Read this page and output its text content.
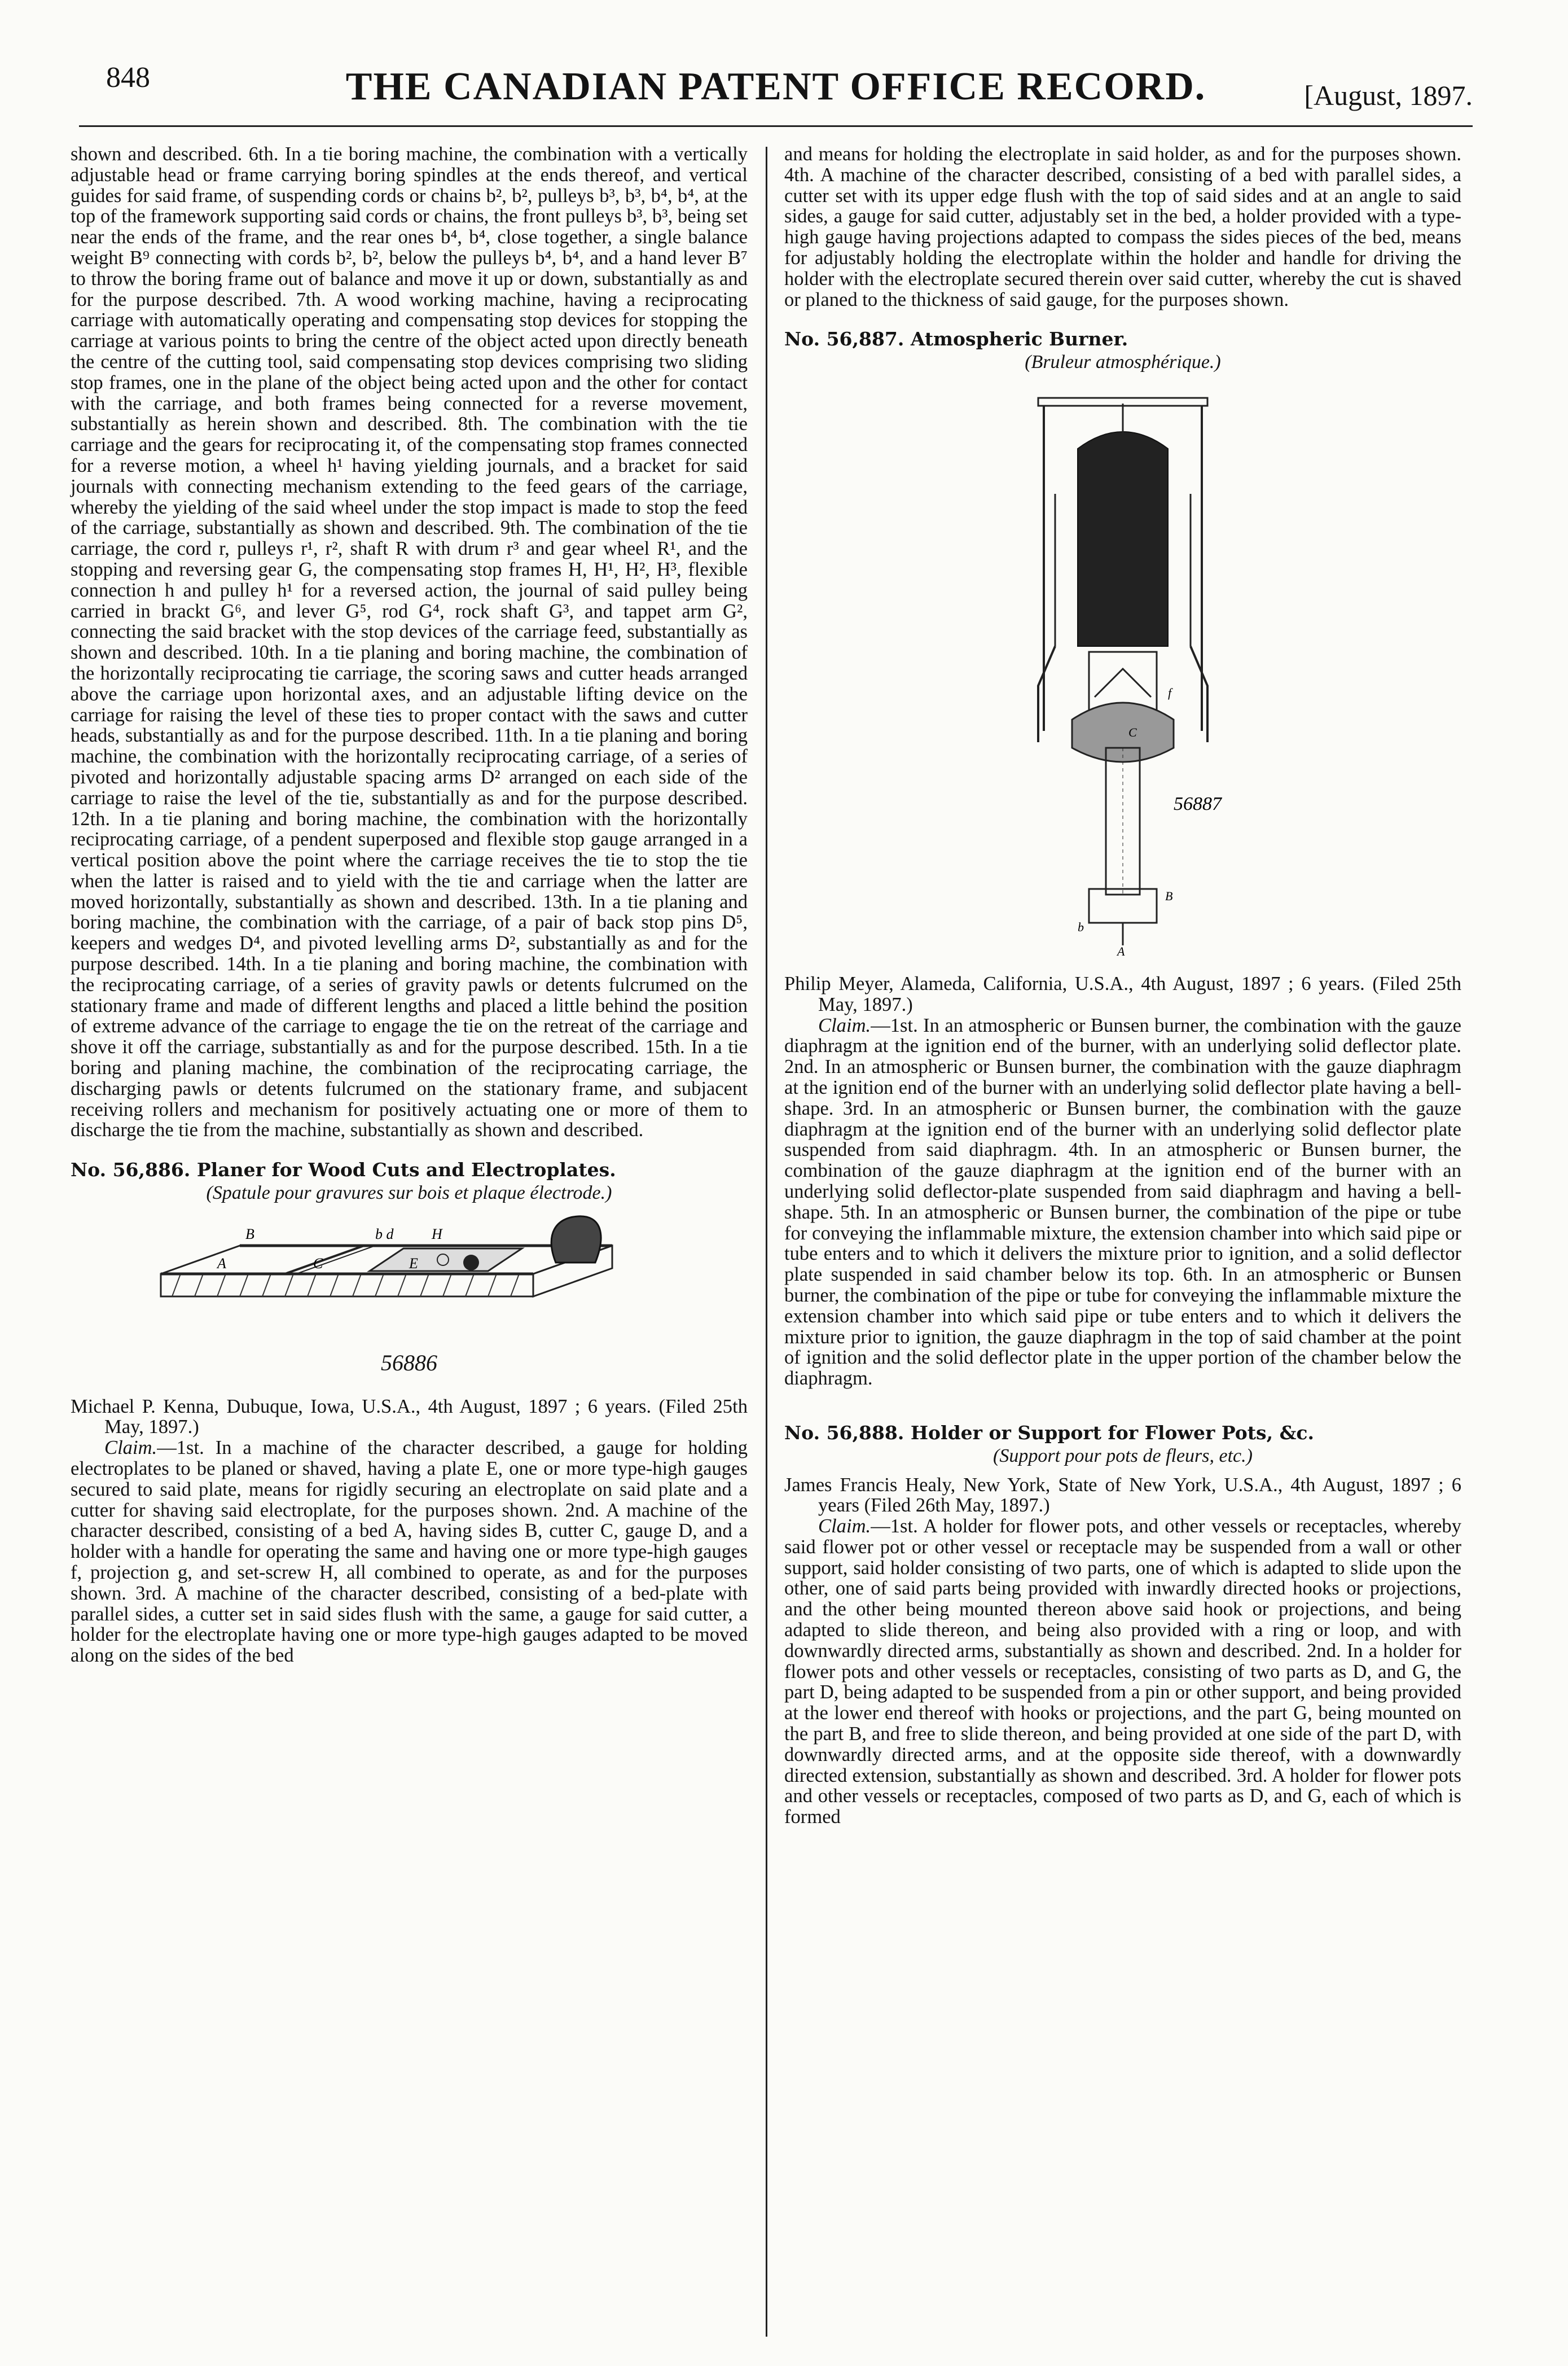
848	THE CANADIAN PATENT OFFICE RECORD.	[August, 1897.

shown and described. 6th. In a tie boring machine, the combination with a vertically adjustable head or frame carrying boring spindles at the ends thereof, and vertical guides for said frame, of suspending cords or chains b², b², pulleys b³, b³, b⁴, b⁴, at the top of the framework supporting said cords or chains, the front pulleys b³, b³, being set near the ends of the frame, and the rear ones b⁴, b⁴, close together, a single balance weight B⁹ connecting with cords b², b², below the pulleys b⁴, b⁴, and a hand lever B⁷ to throw the boring frame out of balance and move it up or down, substantially as and for the purpose described. 7th. A wood working machine, having a reciprocating carriage with automatically operating and compensating stop devices for stopping the carriage at various points to bring the centre of the object acted upon directly beneath the centre of the cutting tool, said compensating stop devices comprising two sliding stop frames, one in the plane of the object being acted upon and the other for contact with the carriage, and both frames being connected for a reverse movement, substantially as herein shown and described. 8th. The combination with the tie carriage and the gears for reciprocating it, of the compensating stop frames connected for a reverse motion, a wheel h¹ having yielding journals, and a bracket for said journals with connecting mechanism extending to the feed gears of the carriage, whereby the yielding of the said wheel under the stop impact is made to stop the feed of the carriage, substantially as shown and described. 9th. The combination of the tie carriage, the cord r, pulleys r¹, r², shaft R with drum r³ and gear wheel R¹, and the stopping and reversing gear G, the compensating stop frames H, H¹, H², H³, flexible connection h and pulley h¹ for a reversed action, the journal of said pulley being carried in brackt G⁶, and lever G⁵, rod G⁴, rock shaft G³, and tappet arm G², connecting the said bracket with the stop devices of the carriage feed, substantially as shown and described. 10th. In a tie planing and boring machine, the combination of the horizontally reciprocating tie carriage, the scoring saws and cutter heads arranged above the carriage upon horizontal axes, and an adjustable lifting device on the carriage for raising the level of these ties to proper contact with the saws and cutter heads, substantially as and for the purpose described. 11th. In a tie planing and boring machine, the combination with the horizontally reciprocating carriage, of a series of pivoted and horizontally adjustable spacing arms D² arranged on each side of the carriage to raise the level of the tie, substantially as and for the purpose described. 12th. In a tie planing and boring machine, the combination with the horizontally reciprocating carriage, of a pendent superposed and flexible stop gauge arranged in a vertical position above the point where the carriage receives the tie to stop the tie when the latter is raised and to yield with the tie and carriage when the latter are moved horizontally, substantially as shown and described. 13th. In a tie planing and boring machine, the combination with the carriage, of a pair of back stop pins D⁵, keepers and wedges D⁴, and pivoted levelling arms D², substantially as and for the purpose described. 14th. In a tie planing and boring machine, the combination with the reciprocating carriage, of a series of gravity pawls or detents fulcrumed on the stationary frame and made of different lengths and placed a little behind the position of extreme advance of the carriage to engage the tie on the retreat of the carriage and shove it off the carriage, substantially as and for the purpose described. 15th. In a tie boring and planing machine, the combination of the reciprocating carriage, the discharging pawls or detents fulcrumed on the stationary frame, and subjacent receiving rollers and mechanism for positively actuating one or more of them to discharge the tie from the machine, substantially as shown and described.

No. 56,886. Planer for Wood Cuts and Electroplates.
(Spatule pour gravures sur bois et plaque électrode.)
B	b d	H
A	C	E
56886

Michael P. Kenna, Dubuque, Iowa, U.S.A., 4th August, 1897 ; 6 years. (Filed 25th May, 1897.)

Claim.—1st. In a machine of the character described, a gauge for holding electroplates to be planed or shaved, having a plate E, one or more type-high gauges secured to said plate, means for rigidly securing an electroplate on said plate and a cutter for shaving said electroplate, for the purposes shown. 2nd. A machine of the character described, consisting of a bed A, having sides B, cutter C, gauge D, and a holder with a handle for operating the same and having one or more type-high gauges f, projection g, and set-screw H, all combined to operate, as and for the purposes shown. 3rd. A machine of the character described, consisting of a bed-plate with parallel sides, a cutter set in said sides flush with the same, a gauge for said cutter, a holder for the electroplate having one or more type-high gauges adapted to be moved along on the sides of the bed

and means for holding the electroplate in said holder, as and for the purposes shown. 4th. A machine of the character described, consisting of a bed with parallel sides, a cutter set with its upper edge flush with the top of said sides and at an angle to said sides, a gauge for said cutter, adjustably set in the bed, a holder provided with a type-high gauge having projections adapted to compass the sides pieces of the bed, means for adjustably holding the electroplate within the holder and handle for driving the holder with the electroplate secured therein over said cutter, whereby the cut is shaved or planed to the thickness of said gauge, for the purposes shown.

No. 56,887. Atmospheric Burner.
(Bruleur atmosphérique.)
f
C
B
b
A
56887

Philip Meyer, Alameda, California, U.S.A., 4th August, 1897 ; 6 years. (Filed 25th May, 1897.)

Claim.—1st. In an atmospheric or Bunsen burner, the combination with the gauze diaphragm at the ignition end of the burner, with an underlying solid deflector plate. 2nd. In an atmospheric or Bunsen burner, the combination with the gauze diaphragm at the ignition end of the burner with an underlying solid deflector plate having a bell-shape. 3rd. In an atmospheric or Bunsen burner, the combination with the gauze diaphragm at the ignition end of the burner with an underlying solid deflector plate suspended from said diaphragm. 4th. In an atmospheric or Bunsen burner, the combination of the gauze diaphragm at the ignition end of the burner with an underlying solid deflector-plate suspended from said diaphragm and having a bell-shape. 5th. In an atmospheric or Bunsen burner, the combination of the pipe or tube for conveying the inflammable mixture, the extension chamber into which said pipe or tube enters and to which it delivers the mixture prior to ignition, and a solid deflector plate suspended in said chamber below its top. 6th. In an atmospheric or Bunsen burner, the combination of the pipe or tube for conveying the inflammable mixture the extension chamber into which said pipe or tube enters and to which it delivers the mixture prior to ignition, the gauze diaphragm in the top of said chamber at the point of ignition and the solid deflector plate in the upper portion of the chamber below the diaphragm.

No. 56,888. Holder or Support for Flower Pots, &c.
(Support pour pots de fleurs, etc.)

James Francis Healy, New York, State of New York, U.S.A., 4th August, 1897 ; 6 years (Filed 26th May, 1897.)

Claim.—1st. A holder for flower pots, and other vessels or receptacles, whereby said flower pot or other vessel or receptacle may be suspended from a wall or other support, said holder consisting of two parts, one of which is adapted to slide upon the other, one of said parts being provided with inwardly directed hooks or projections, and the other being mounted thereon above said hook or projections, and being adapted to slide thereon, and being also provided with a ring or loop, and with downwardly directed arms, substantially as shown and described. 2nd. In a holder for flower pots and other vessels or receptacles, consisting of two parts as D, and G, the part D, being adapted to be suspended from a pin or other support, and being provided at the lower end thereof with hooks or projections, and the part G, being mounted on the part B, and free to slide thereon, and being provided at one side of the part D, with downwardly directed arms, and at the opposite side thereof, with a downwardly directed extension, substantially as shown and described. 3rd. A holder for flower pots and other vessels or receptacles, composed of two parts as D, and G, each of which is formed
